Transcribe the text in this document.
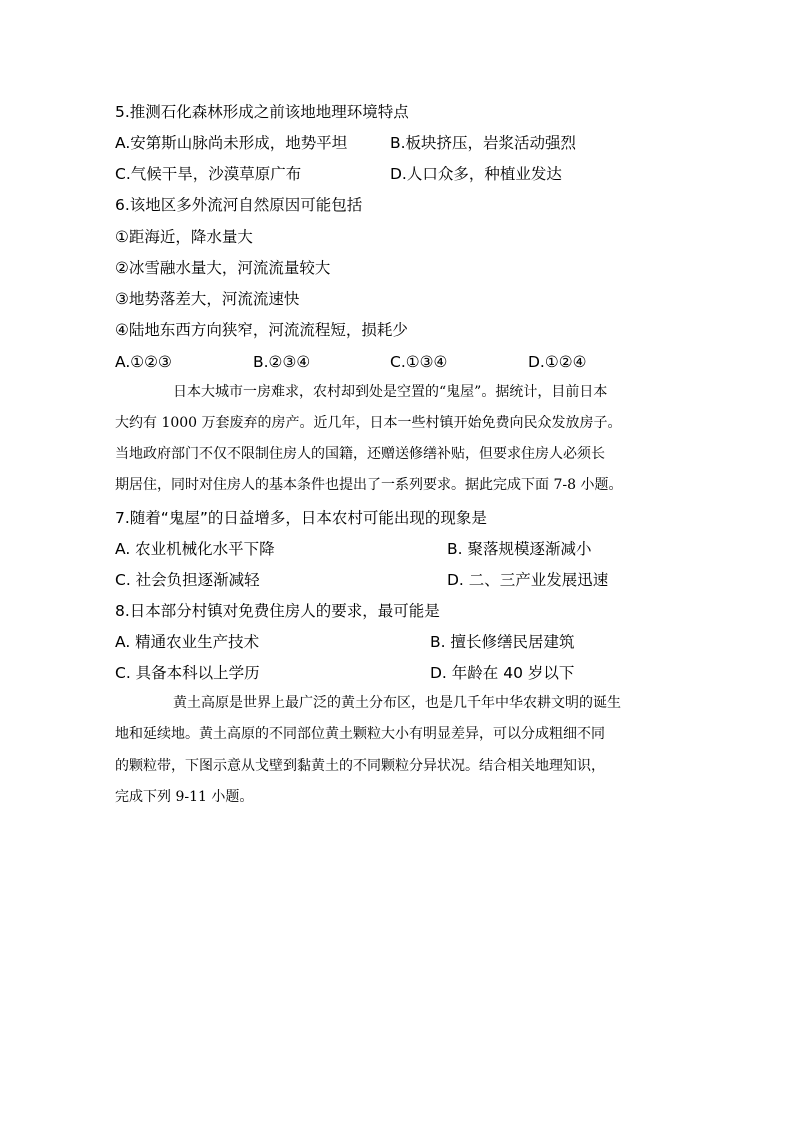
5.推测石化森林形成之前该地地理环境特点
A.安第斯山脉尚未形成，地势平坦	B.板块挤压，岩浆活动强烈
C.气候干旱，沙漠草原广布	D.人口众多，种植业发达
6.该地区多外流河自然原因可能包括
①距海近，降水量大
②冰雪融水量大，河流流量较大
③地势落差大，河流流速快
④陆地东西方向狭窄，河流流程短，损耗少
A.①②③	B.②③④	C.①③④	D.①②④
日本大城市一房难求，农村却到处是空置的“鬼屋”。据统计，目前日本
大约有 1000 万套废弃的房产。近几年，日本一些村镇开始免费向民众发放房子。
当地政府部门不仅不限制住房人的国籍，还赠送修缮补贴，但要求住房人必须长
期居住，同时对住房人的基本条件也提出了一系列要求。据此完成下面 7-8 小题。
7.随着“鬼屋”的日益增多，日本农村可能出现的现象是
A. 农业机械化水平下降	B. 聚落规模逐渐减小
C. 社会负担逐渐减轻	D. 二、三产业发展迅速
8.日本部分村镇对免费住房人的要求，最可能是
A. 精通农业生产技术	B. 擅长修缮民居建筑
C. 具备本科以上学历	D. 年龄在 40 岁以下
黄土高原是世界上最广泛的黄土分布区，也是几千年中华农耕文明的诞生
地和延续地。黄土高原的不同部位黄土颗粒大小有明显差异，可以分成粗细不同
的颗粒带，下图示意从戈壁到黏黄土的不同颗粒分异状况。结合相关地理知识，
完成下列 9-11 小题。
